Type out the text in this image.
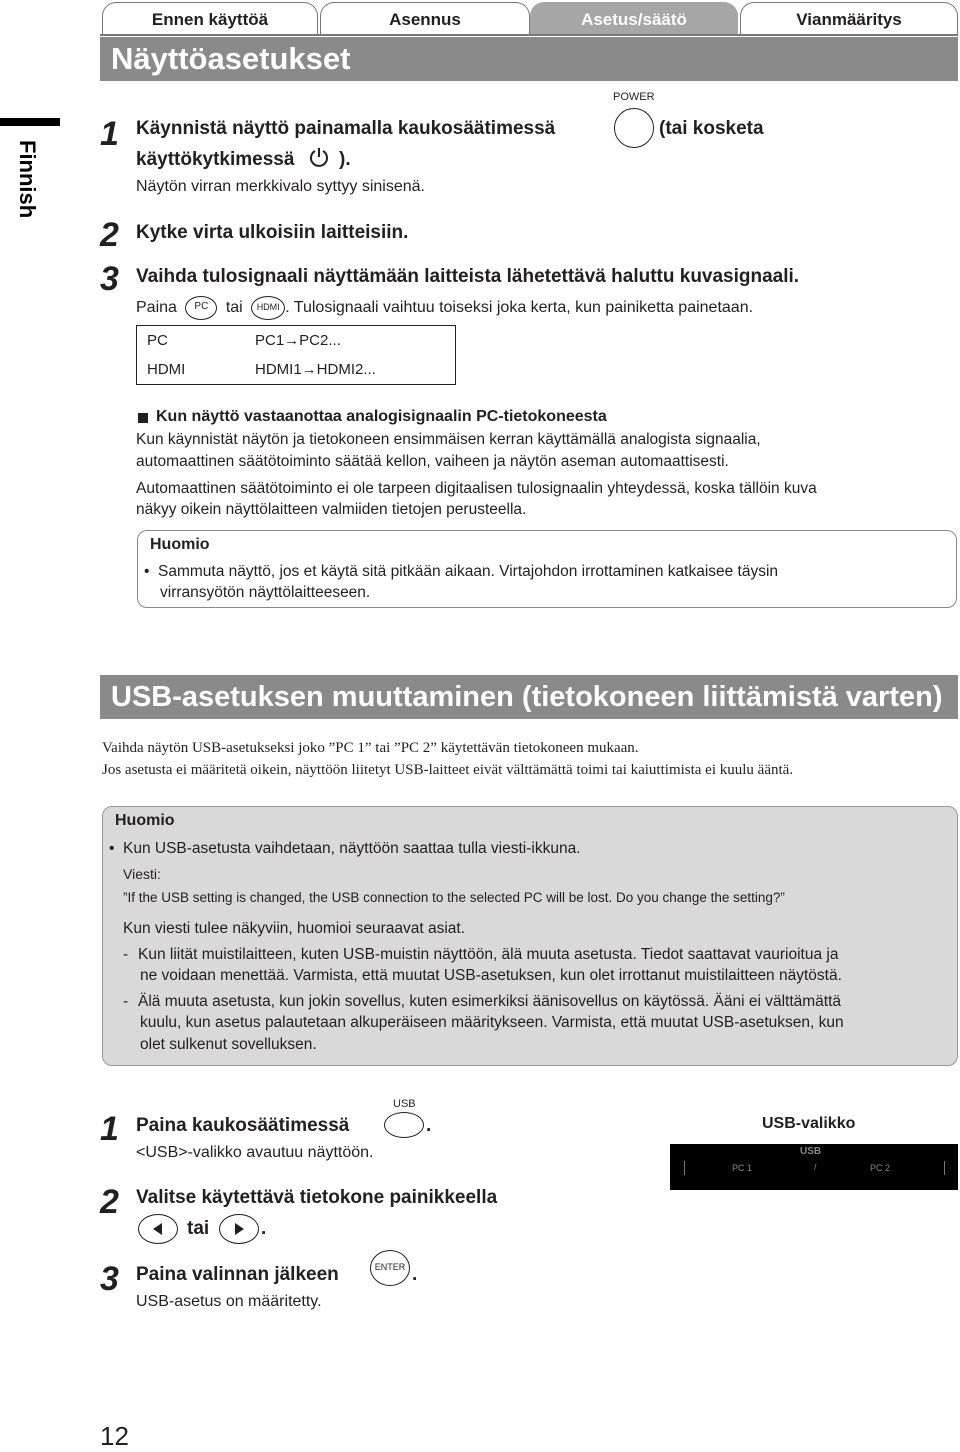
Ennen käyttöä	Asennus	Asetus/säätö	Vianmääritys
Finnish
Näyttöasetukset
1 Käynnistä näyttö painamalla kaukosäätimessä
POWER
(tai kosketa
käyttökytkimessä ).
Näytön virran merkkivalo syttyy sinisenä.
2 Kytke virta ulkoisiin laitteisiin.
3 Vaihda tulosignaali näyttämään laitteista lähetettävä haluttu kuvasignaali.
Paina PC tai HDMI . Tulosignaali vaihtuu toiseksi joka kerta, kun painiketta painetaan.
PC	PC1→PC2...
HDMI	HDMI1→HDMI2...
Kun näyttö vastaanottaa analogisignaalin PC-tietokoneesta
Kun käynnistät näytön ja tietokoneen ensimmäisen kerran käyttämällä analogista signaalia,
automaattinen säätötoiminto säätää kellon, vaiheen ja näytön aseman automaattisesti.
Automaattinen säätötoiminto ei ole tarpeen digitaalisen tulosignaalin yhteydessä, koska tällöin kuva
näkyy oikein näyttölaitteen valmiiden tietojen perusteella.
Huomio
• Sammuta näyttö, jos et käytä sitä pitkään aikaan. Virtajohdon irrottaminen katkaisee täysin
virransyötön näyttölaitteeseen.
USB-asetuksen muuttaminen (tietokoneen liittämistä varten)
Vaihda näytön USB-asetukseksi joko ”PC 1” tai ”PC 2” käytettävän tietokoneen mukaan.
Jos asetusta ei määritetä oikein, näyttöön liitetyt USB-laitteet eivät välttämättä toimi tai kaiuttimista ei kuulu ääntä.
Huomio
• Kun USB-asetusta vaihdetaan, näyttöön saattaa tulla viesti-ikkuna.
Viesti:
”If the USB setting is changed, the USB connection to the selected PC will be lost. Do you change the setting?”
Kun viesti tulee näkyviin, huomioi seuraavat asiat.
- Kun liität muistilaitteen, kuten USB-muistin näyttöön, älä muuta asetusta. Tiedot saattavat vaurioitua ja
ne voidaan menettää. Varmista, että muutat USB-asetuksen, kun olet irrottanut muistilaitteen näytöstä.
- Älä muuta asetusta, kun jokin sovellus, kuten esimerkiksi äänisovellus on käytössä. Ääni ei välttämättä
kuulu, kun asetus palautetaan alkuperäiseen määritykseen. Varmista, että muutat USB-asetuksen, kun
olet sulkenut sovelluksen.
1
USB
Paina kaukosäätimessä	.
<USB>-valikko avautuu näyttöön.
2 Valitse käytettävä tietokone painikkeella
tai	.
3 Paina valinnan jälkeen	ENTER .
USB-asetus on määritetty.
USB-valikko
USB
PC 1	/	PC 2
12
